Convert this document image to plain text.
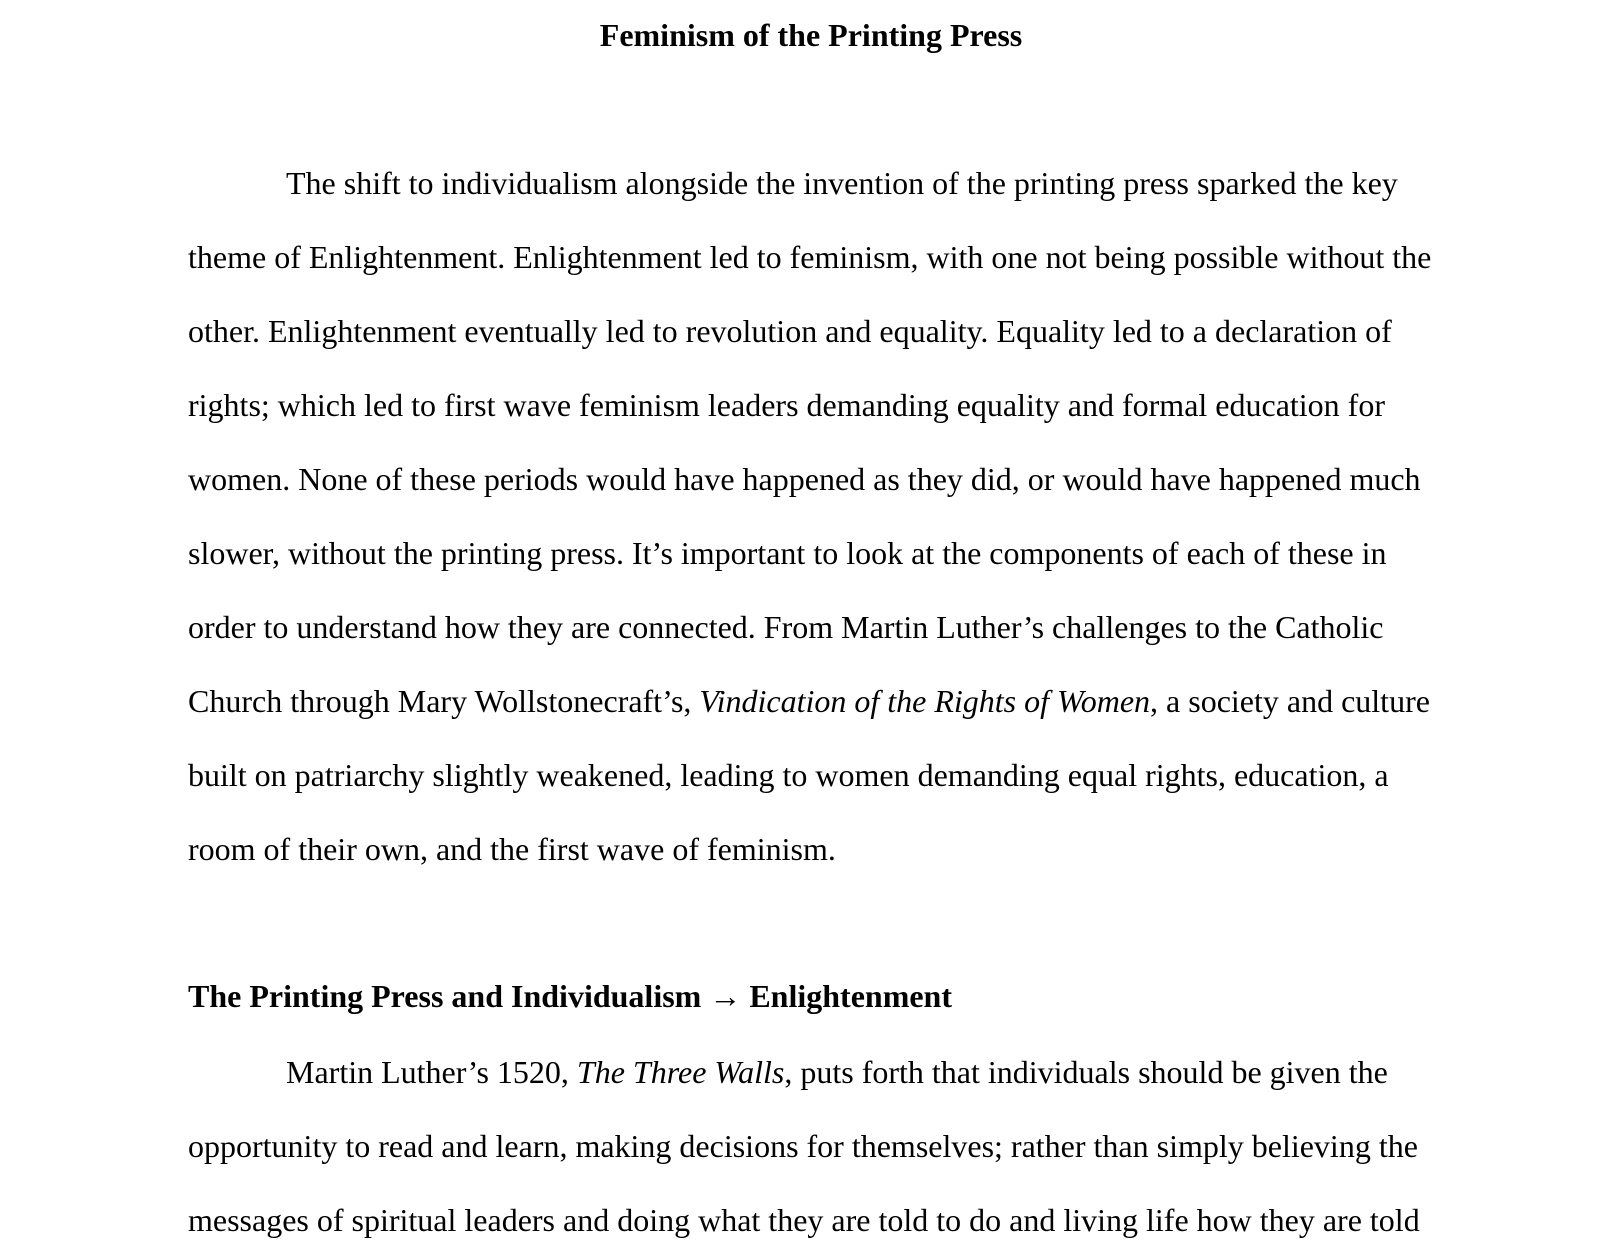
Feminism of the Printing Press
The shift to individualism alongside the invention of the printing press sparked the key
theme of Enlightenment. Enlightenment led to feminism, with one not being possible without the
other. Enlightenment eventually led to revolution and equality. Equality led to a declaration of
rights; which led to first wave feminism leaders demanding equality and formal education for
women. None of these periods would have happened as they did, or would have happened much
slower, without the printing press. It’s important to look at the components of each of these in
order to understand how they are connected. From Martin Luther’s challenges to the Catholic
Church through Mary Wollstonecraft’s, Vindication of the Rights of Women, a society and culture
built on patriarchy slightly weakened, leading to women demanding equal rights, education, a
room of their own, and the first wave of feminism.
The Printing Press and Individualism → Enlightenment
Martin Luther’s 1520, The Three Walls, puts forth that individuals should be given the
opportunity to read and learn, making decisions for themselves; rather than simply believing the
messages of spiritual leaders and doing what they are told to do and living life how they are told
